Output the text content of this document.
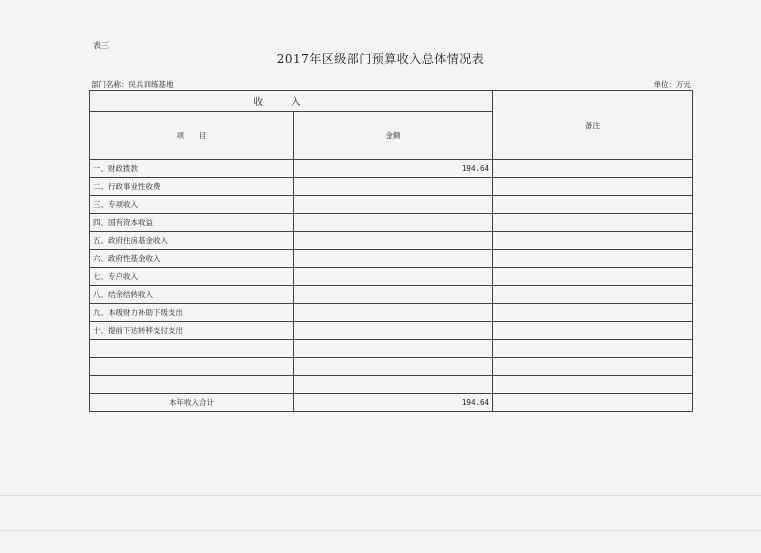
表三
2017年区级部门预算收入总体情况表
部门名称：民兵训练基地	单位：万元
收入		备注
项　　目	金额	
一、财政拨款	194.64	
二、行政事业性收费		
三、专项收入		
四、国有资本收益		
五、政府住房基金收入		
六、政府性基金收入		
七、专户收入		
八、结余结转收入		
九、本级财力补助下级支出		
十、提前下达转移支付支出		

本年收入合计	194.64	
